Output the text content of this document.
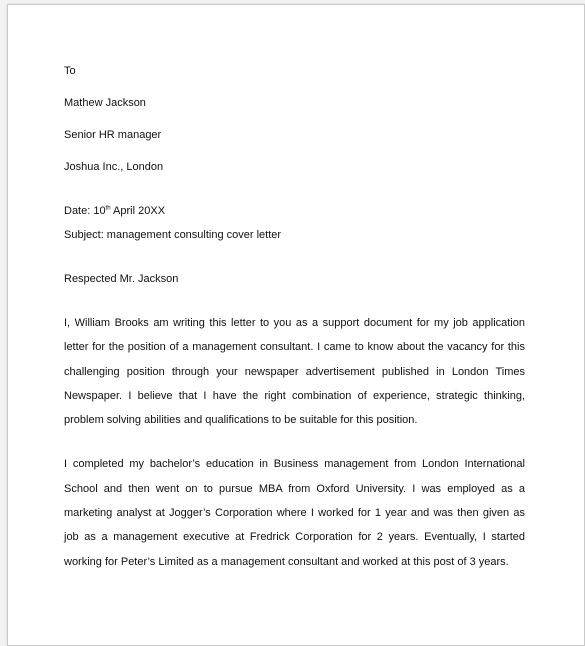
To
Mathew Jackson
Senior HR manager
Joshua Inc., London
Date: 10th April 20XX
Subject: management consulting cover letter
Respected Mr. Jackson
I, William Brooks am writing this letter to you as a support document for my job application letter for the position of a management consultant. I came to know about the vacancy for this challenging position through your newspaper advertisement published in London Times Newspaper. I believe that I have the right combination of experience, strategic thinking, problem solving abilities and qualifications to be suitable for this position.
I completed my bachelor’s education in Business management from London International School and then went on to pursue MBA from Oxford University. I was employed as a marketing analyst at Jogger’s Corporation where I worked for 1 year and was then given as job as a management executive at Fredrick Corporation for 2 years. Eventually, I started working for Peter’s Limited as a management consultant and worked at this post of 3 years.
